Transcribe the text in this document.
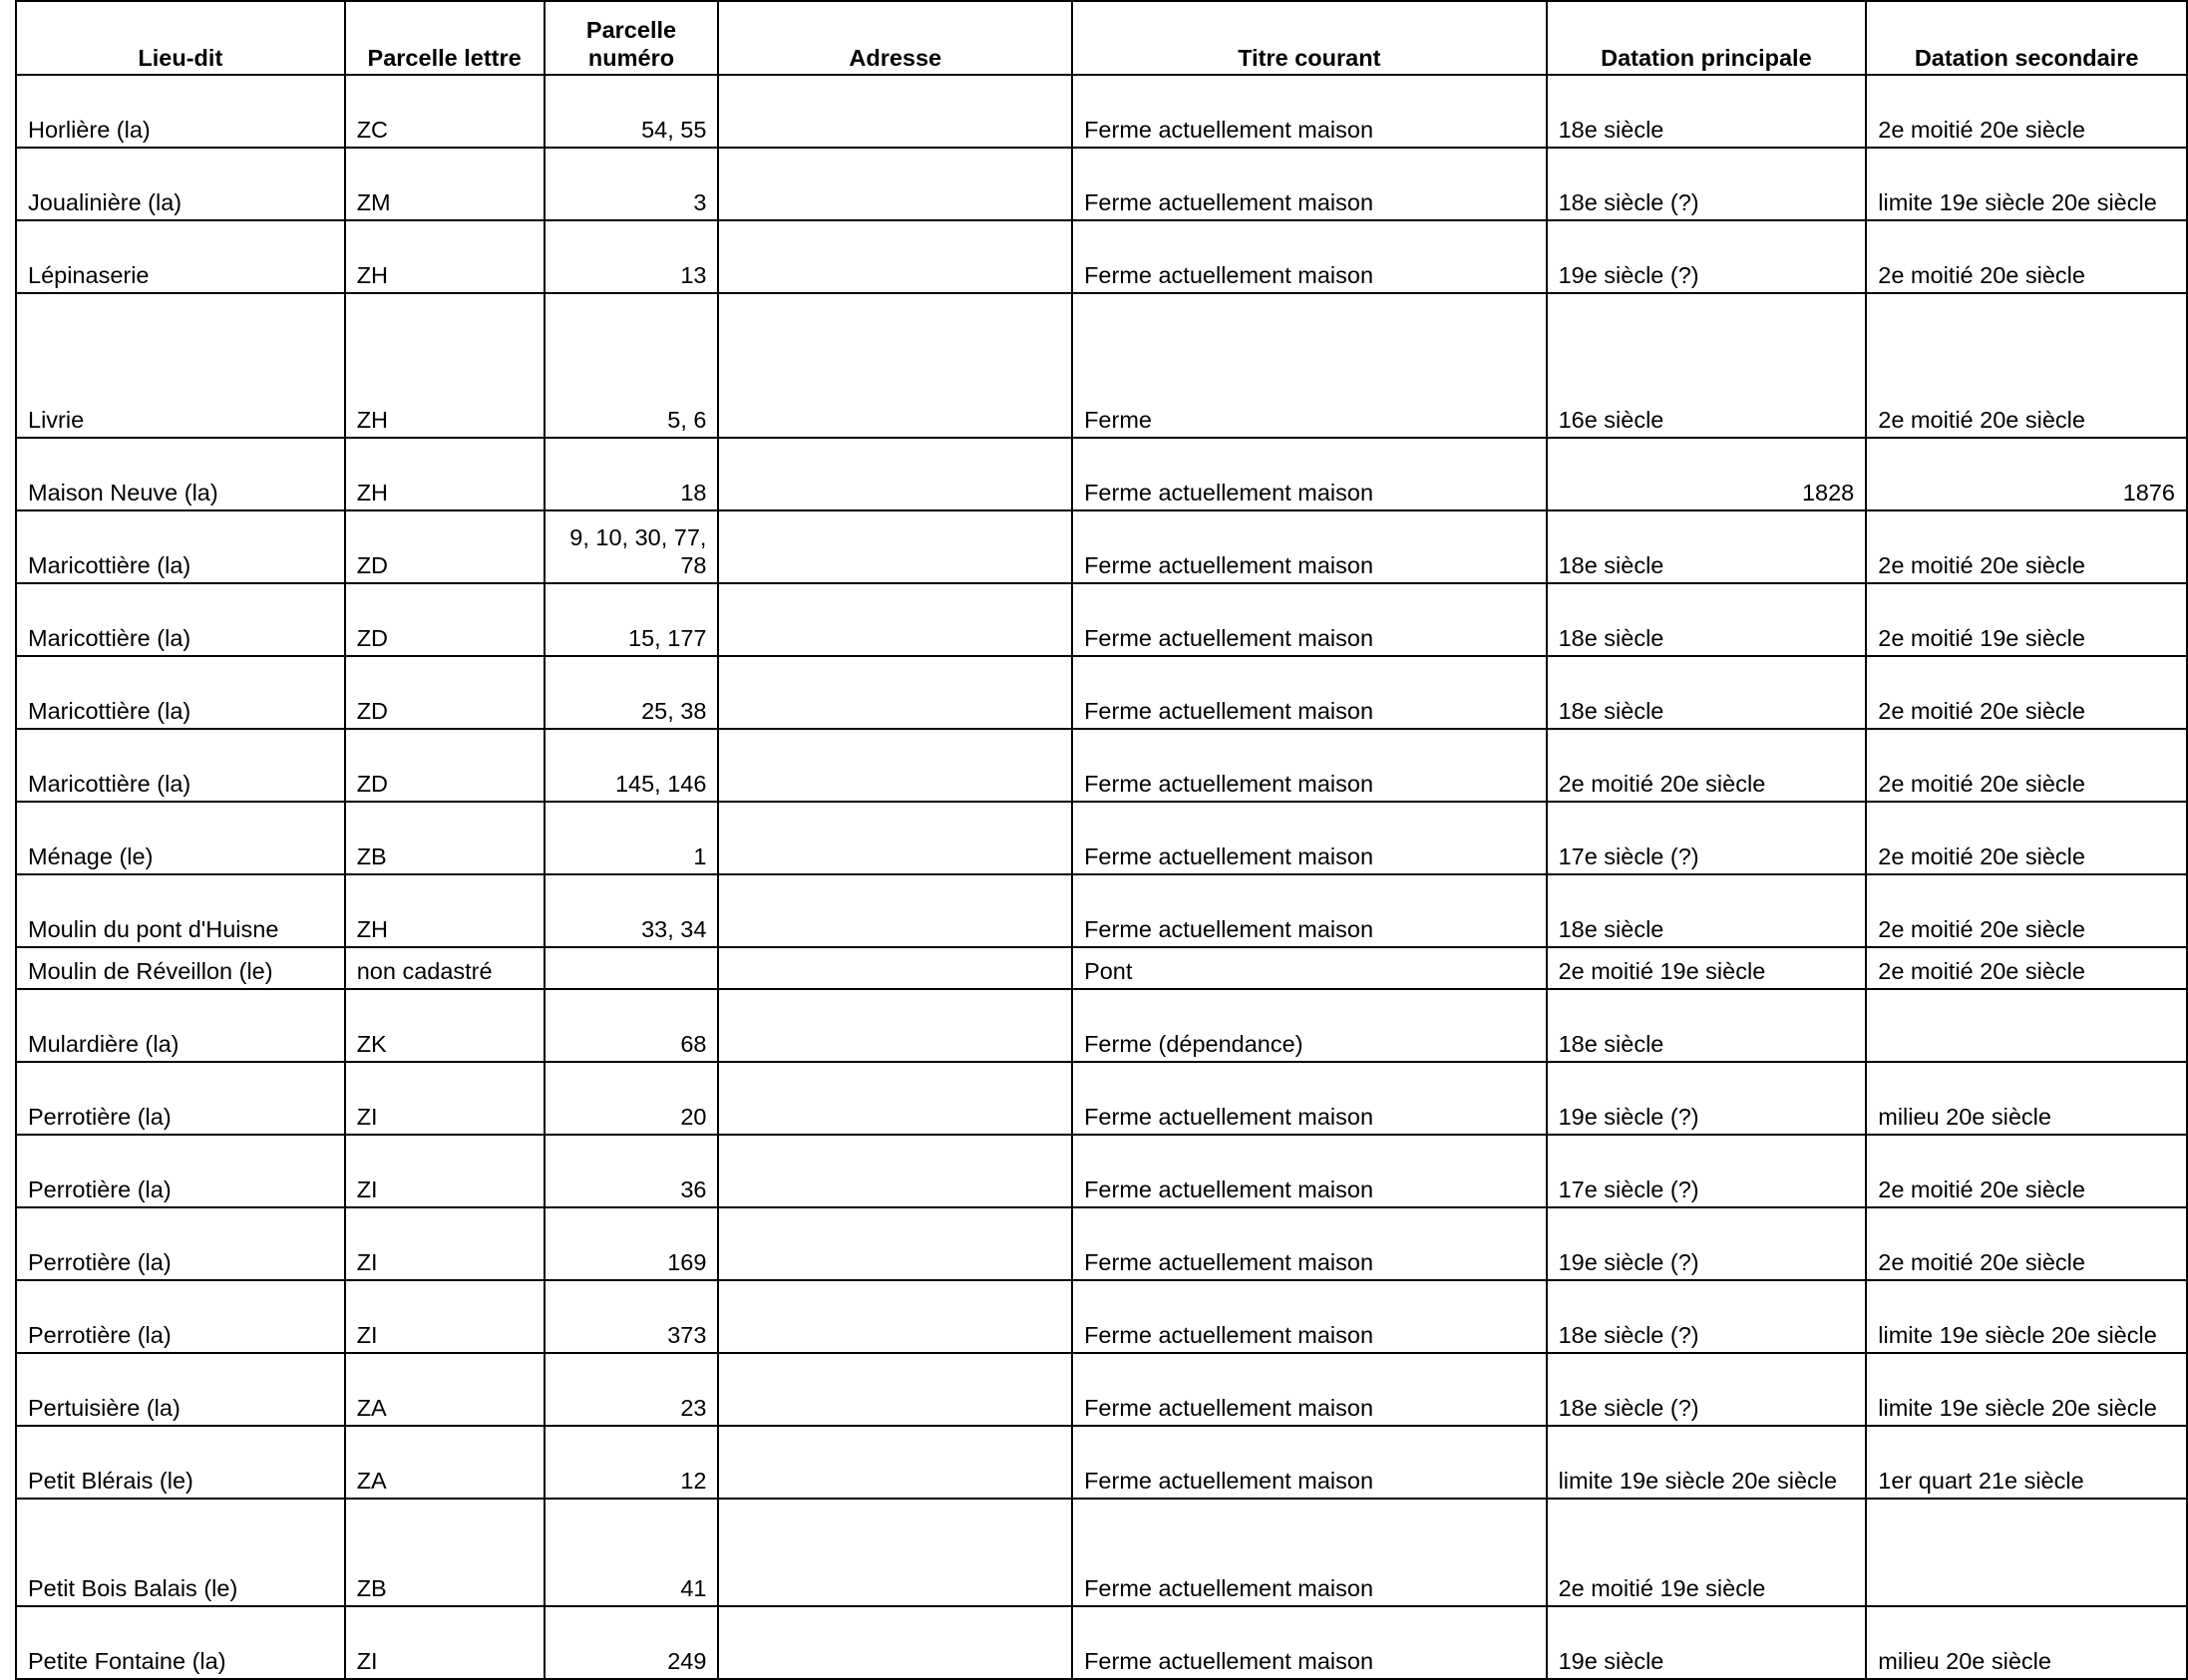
Lieu-dit	Parcelle lettre	Parcelle numéro	Adresse	Titre courant	Datation principale	Datation secondaire
Horlière (la)	ZC	54, 55		Ferme actuellement maison	18e siècle	2e moitié 20e siècle
Joualinière (la)	ZM	3		Ferme actuellement maison	18e siècle (?)	limite 19e siècle 20e siècle
Lépinaserie	ZH	13		Ferme actuellement maison	19e siècle (?)	2e moitié 20e siècle
Livrie	ZH	5, 6		Ferme	16e siècle	2e moitié 20e siècle
Maison Neuve (la)	ZH	18		Ferme actuellement maison	1828	1876
Maricottière (la)	ZD	9, 10, 30, 77, 78		Ferme actuellement maison	18e siècle	2e moitié 20e siècle
Maricottière (la)	ZD	15, 177		Ferme actuellement maison	18e siècle	2e moitié 19e siècle
Maricottière (la)	ZD	25, 38		Ferme actuellement maison	18e siècle	2e moitié 20e siècle
Maricottière (la)	ZD	145, 146		Ferme actuellement maison	2e moitié 20e siècle	2e moitié 20e siècle
Ménage (le)	ZB	1		Ferme actuellement maison	17e siècle (?)	2e moitié 20e siècle
Moulin du pont d'Huisne	ZH	33, 34		Ferme actuellement maison	18e siècle	2e moitié 20e siècle
Moulin de Réveillon (le)	non cadastré			Pont	2e moitié 19e siècle	2e moitié 20e siècle
Mulardière (la)	ZK	68		Ferme (dépendance)	18e siècle	
Perrotière (la)	ZI	20		Ferme actuellement maison	19e siècle (?)	milieu 20e siècle
Perrotière (la)	ZI	36		Ferme actuellement maison	17e siècle (?)	2e moitié 20e siècle
Perrotière (la)	ZI	169		Ferme actuellement maison	19e siècle (?)	2e moitié 20e siècle
Perrotière (la)	ZI	373		Ferme actuellement maison	18e siècle (?)	limite 19e siècle 20e siècle
Pertuisière (la)	ZA	23		Ferme actuellement maison	18e siècle (?)	limite 19e siècle 20e siècle
Petit Blérais (le)	ZA	12		Ferme actuellement maison	limite 19e siècle 20e siècle	1er quart 21e siècle
Petit Bois Balais (le)	ZB	41		Ferme actuellement maison	2e moitié 19e siècle	
Petite Fontaine (la)	ZI	249		Ferme actuellement maison	19e siècle	milieu 20e siècle
